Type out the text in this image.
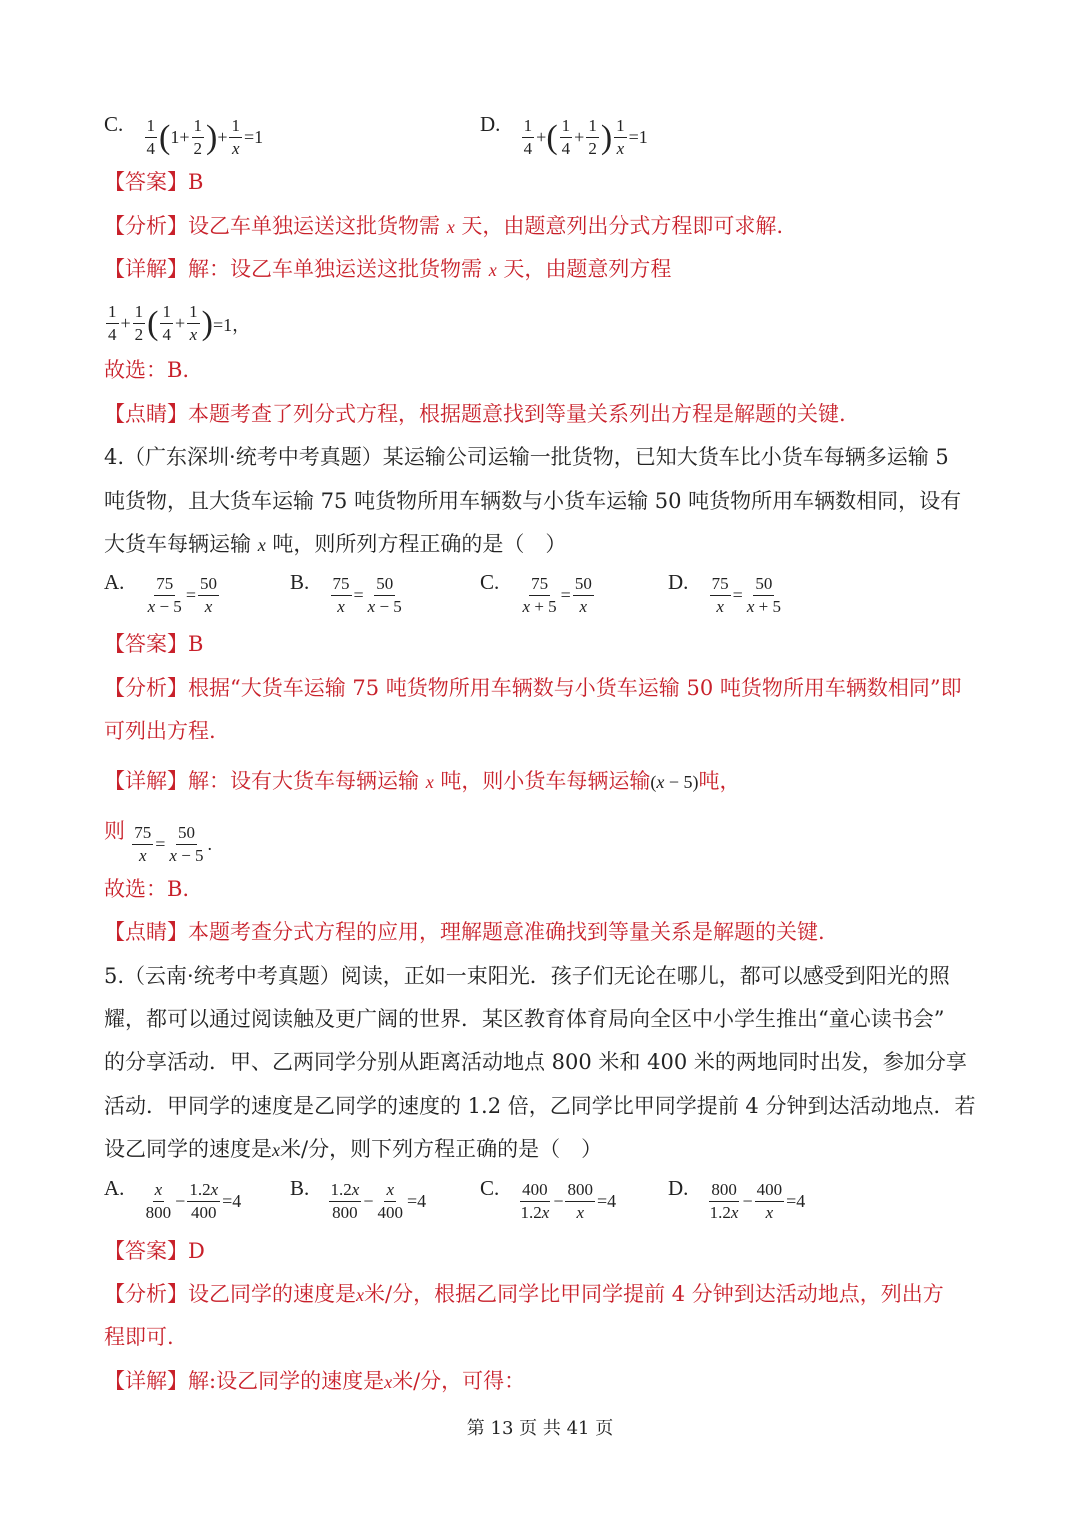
C. $\frac{1}{4}$ ( $1+ \frac{1}{2}$ ) + $\frac{1}{x} =1$
D. $\frac{1}{4}$ + ( $\frac{1}{4} + \frac{1}{2}$ ) $\frac{1}{x} =1$
【答案】B
【分析】设乙车单独运送这批货物需 x 天，由题意列出分式方程即可求解.
【详解】解：设乙车单独运送这批货物需 x 天，由题意列方程
$\frac{1}{4} + \frac{1}{2}$ ( $\frac{1}{4} + \frac{1}{x}$ ) =1，
故选：B.
【点睛】本题考查了列分式方程，根据题意找到等量关系列出方程是解题的关键.
4.（广东深圳·统考中考真题）某运输公司运输一批货物，已知大货车比小货车每辆多运输 5
吨货物，且大货车运输 75 吨货物所用车辆数与小货车运输 50 吨货物所用车辆数相同，设有
大货车每辆运输 x 吨，则所列方程正确的是（　）
A. $\frac{75}{x - 5} = \frac{50}{x}$	B. $\frac{75}{x} = \frac{50}{x - 5}$	C. $\frac{75}{x + 5} = \frac{50}{x}$	D. $\frac{75}{x} = \frac{50}{x + 5}$
【答案】B
【分析】根据“大货车运输 75 吨货物所用车辆数与小货车运输 50 吨货物所用车辆数相同”即
可列出方程.
【详解】解：设有大货车每辆运输 x 吨，则小货车每辆运输(x − 5)吨，
则 $\frac{75}{x} = \frac{50}{x - 5}$ .
故选：B.
【点睛】本题考查分式方程的应用，理解题意准确找到等量关系是解题的关键.
5.（云南·统考中考真题）阅读，正如一束阳光．孩子们无论在哪儿，都可以感受到阳光的照
耀，都可以通过阅读触及更广阔的世界．某区教育体育局向全区中小学生推出“童心读书会”
的分享活动．甲、乙两同学分别从距离活动地点 800 米和 400 米的两地同时出发，参加分享
活动．甲同学的速度是乙同学的速度的 1.2 倍，乙同学比甲同学提前 4 分钟到达活动地点．若
设乙同学的速度是x米/分，则下列方程正确的是（　）
A. $\frac{x}{800} - \frac{1.2x}{400} =4$
B. $\frac{1.2x}{800} - \frac{x}{400} =4$
C. $\frac{400}{1.2x} - \frac{800}{x} =4$
D. $\frac{800}{1.2x} - \frac{400}{x} =4$
【答案】D
【分析】设乙同学的速度是x米/分，根据乙同学比甲同学提前 4 分钟到达活动地点，列出方
程即可.
【详解】解:设乙同学的速度是x米/分，可得：
第 13 页 共 41 页
